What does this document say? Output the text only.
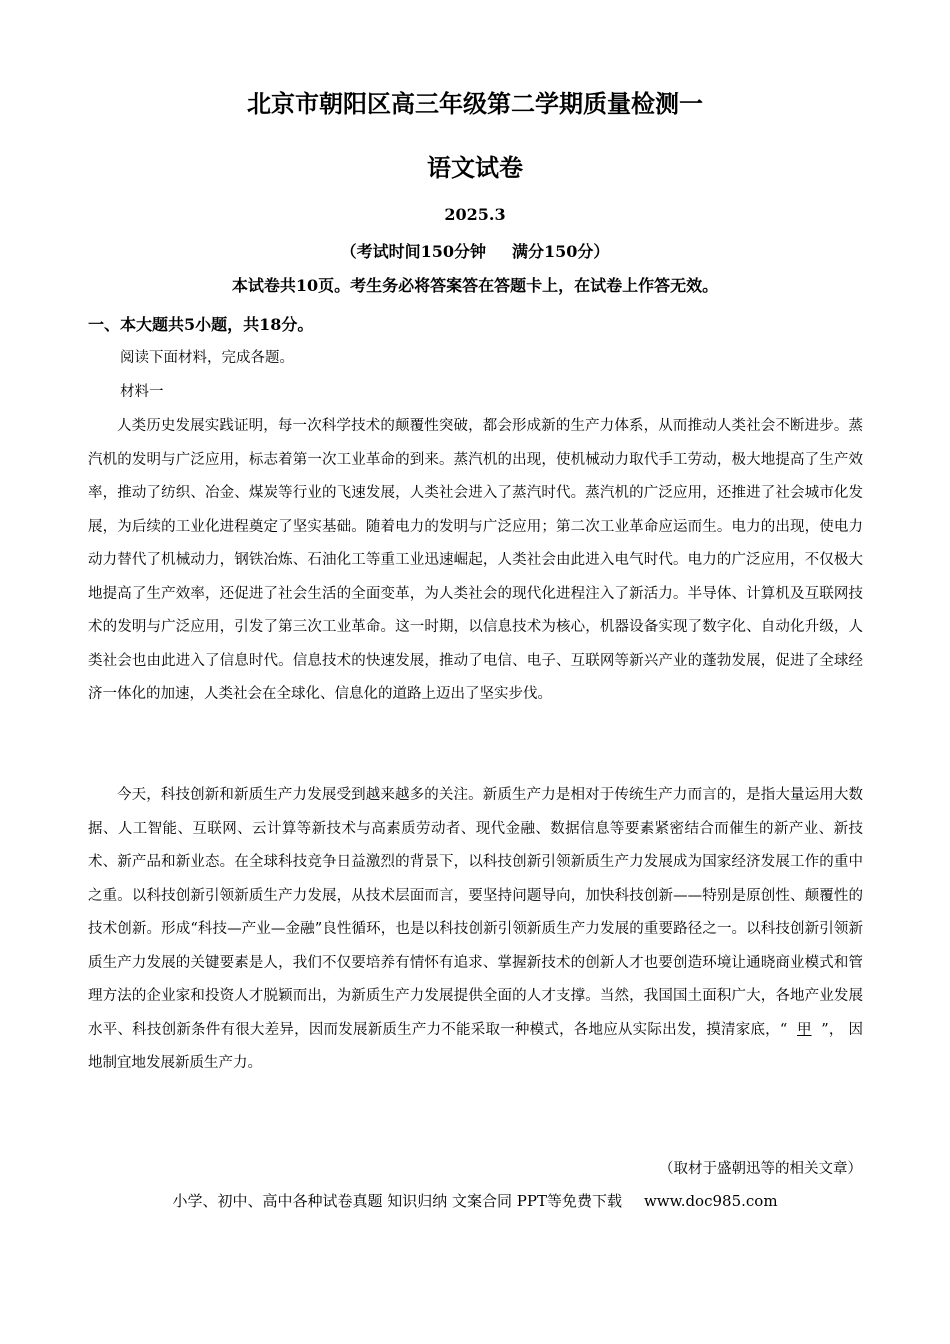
北京市朝阳区高三年级第二学期质量检测一
语文试卷
2025.3
（考试时间150分钟 满分150分）
本试卷共10页。考生务必将答案答在答题卡上，在试卷上作答无效。
一、本大题共5小题，共18分。
阅读下面材料，完成各题。
材料一

人类历史发展实践证明，每一次科学技术的颠覆性突破，都会形成新的生产力体系，从而推动人类社会不断进步。蒸汽机的发明与广泛应用，标志着第一次工业革命的到来。蒸汽机的出现，使机械动力取代手工劳动，极大地提高了生产效率，推动了纺织、冶金、煤炭等行业的飞速发展，人类社会进入了蒸汽时代。蒸汽机的广泛应用，还推进了社会城市化发展，为后续的工业化进程奠定了坚实基础。随着电力的发明与广泛应用；第二次工业革命应运而生。电力的出现，使电力动力替代了机械动力，钢铁冶炼、石油化工等重工业迅速崛起，人类社会由此进入电气时代。电力的广泛应用，不仅极大地提高了生产效率，还促进了社会生活的全面变革，为人类社会的现代化进程注入了新活力。半导体、计算机及互联网技术的发明与广泛应用，引发了第三次工业革命。这一时期，以信息技术为核心，机器设备实现了数字化、自动化升级，人类社会也由此进入了信息时代。信息技术的快速发展，推动了电信、电子、互联网等新兴产业的蓬勃发展，促进了全球经济一体化的加速，人类社会在全球化、信息化的道路上迈出了坚实步伐。

今天，科技创新和新质生产力发展受到越来越多的关注。新质生产力是相对于传统生产力而言的，是指大量运用大数据、人工智能、互联网、云计算等新技术与高素质劳动者、现代金融、数据信息等要素紧密结合而催生的新产业、新技术、新产品和新业态。在全球科技竞争日益激烈的背景下，以科技创新引领新质生产力发展成为国家经济发展工作的重中之重。以科技创新引领新质生产力发展，从技术层面而言，要坚持问题导向，加快科技创新——特别是原创性、颠覆性的技术创新。形成“科技—产业—金融”良性循环，也是以科技创新引领新质生产力发展的重要路径之一。以科技创新引领新质生产力发展的关键要素是人，我们不仅要培养有情怀有追求、掌握新技术的创新人才也要创造环境让通晓商业模式和管理方法的企业家和投资人才脱颖而出，为新质生产力发展提供全面的人才支撑。当然，我国国土面积广大，各地产业发展水平、科技创新条件有很大差异，因而发展新质生产力不能采取一种模式，各地应从实际出发，摸清家底，“ 甲 ”， 因地制宜地发展新质生产力。

（取材于盛朝迅等的相关文章）
小学、初中、高中各种试卷真题 知识归纳 文案合同 PPT等免费下载 www.doc985.com
